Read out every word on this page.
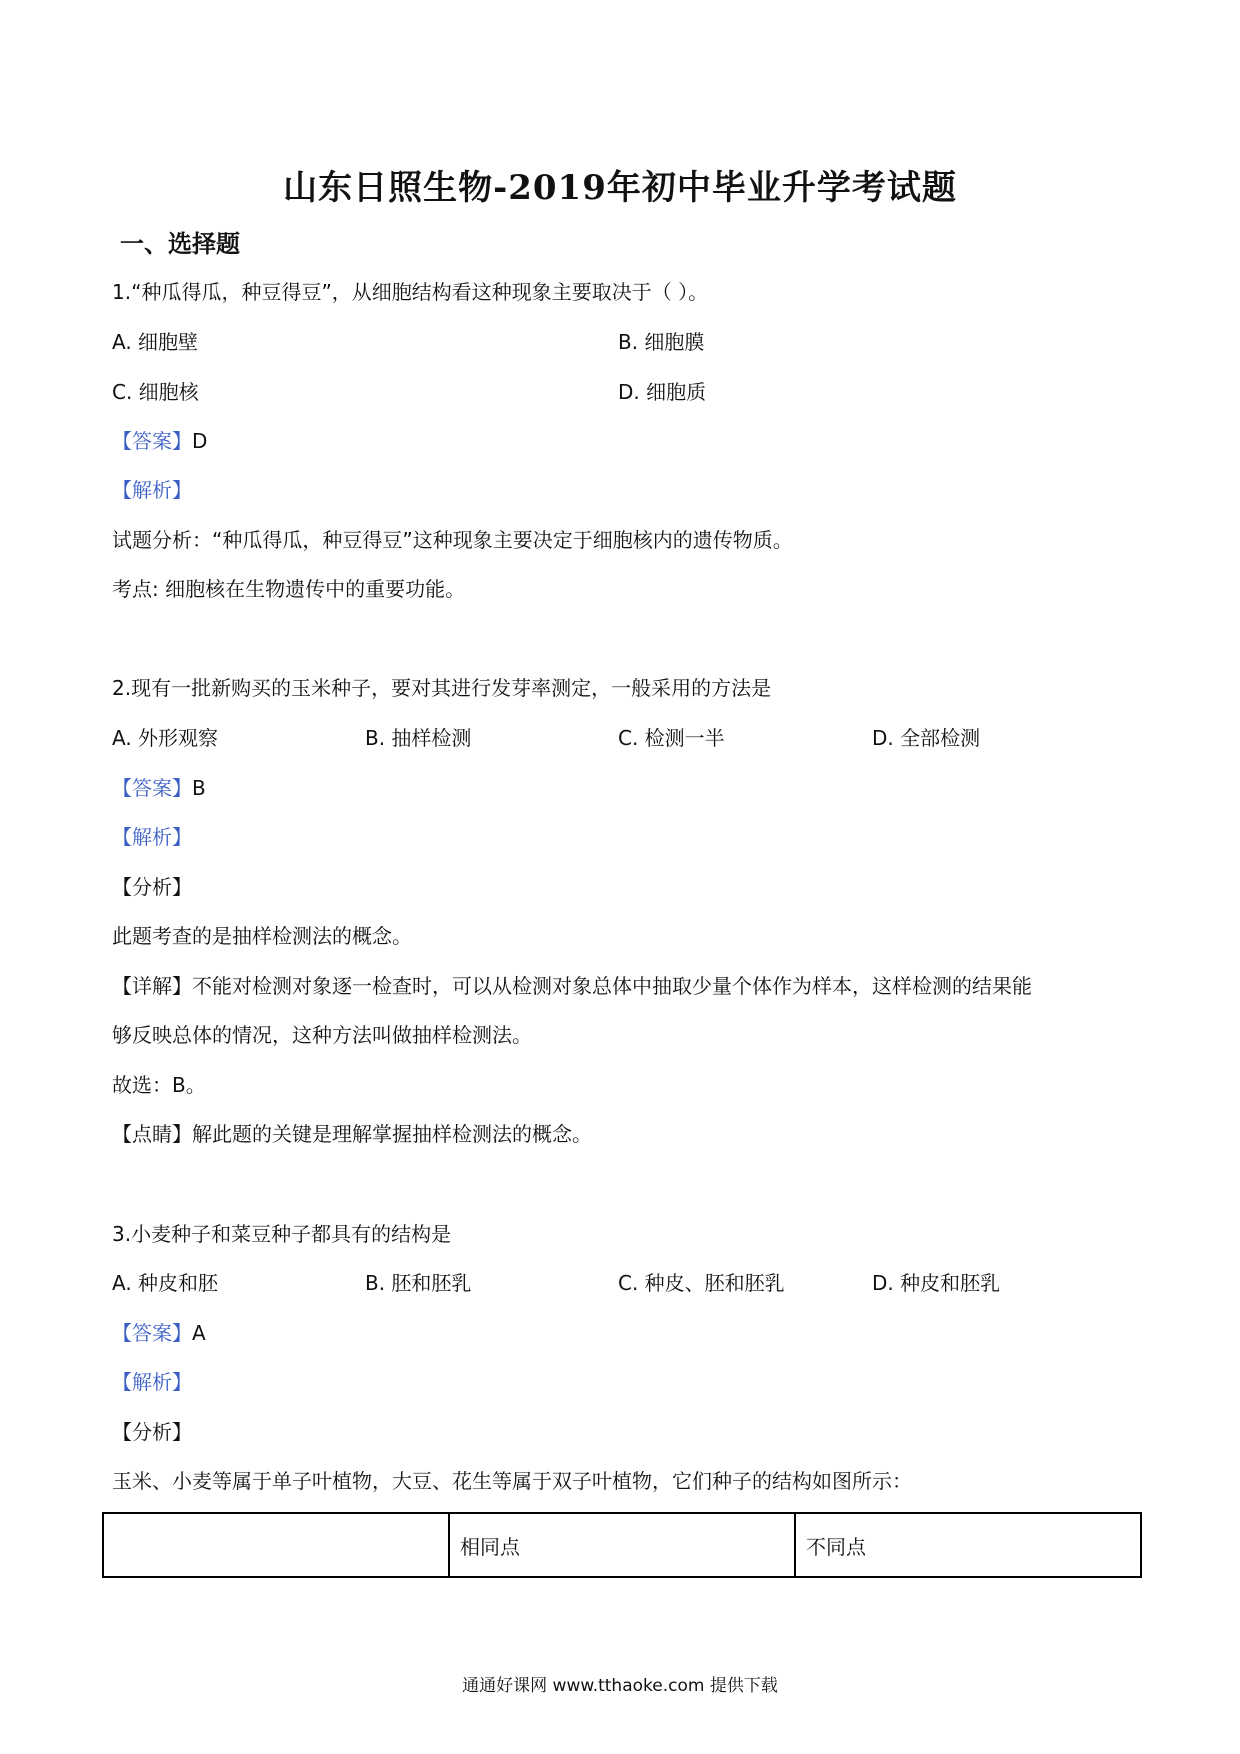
山东日照生物-2019年初中毕业升学考试题
一、选择题
1.“种瓜得瓜，种豆得豆”，从细胞结构看这种现象主要取决于（ ）。
A. 细胞壁	B. 细胞膜
C. 细胞核	D. 细胞质
【答案】D
【解析】
试题分析：“种瓜得瓜，种豆得豆”这种现象主要决定于细胞核内的遗传物质。
考点: 细胞核在生物遗传中的重要功能。
2.现有一批新购买的玉米种子，要对其进行发芽率测定，一般采用的方法是
A. 外形观察	B. 抽样检测	C. 检测一半	D. 全部检测
【答案】B
【解析】
【分析】
此题考查的是抽样检测法的概念。
【详解】不能对检测对象逐一检查时，可以从检测对象总体中抽取少量个体作为样本，这样检测的结果能
够反映总体的情况，这种方法叫做抽样检测法。
故选：B。
【点睛】解此题的关键是理解掌握抽样检测法的概念。
3.小麦种子和菜豆种子都具有的结构是
A. 种皮和胚	B. 胚和胚乳	C. 种皮、胚和胚乳	D. 种皮和胚乳
【答案】A
【解析】
【分析】
玉米、小麦等属于单子叶植物，大豆、花生等属于双子叶植物，它们种子的结构如图所示：
	相同点	不同点
通通好课网 www.tthaoke.com 提供下载
